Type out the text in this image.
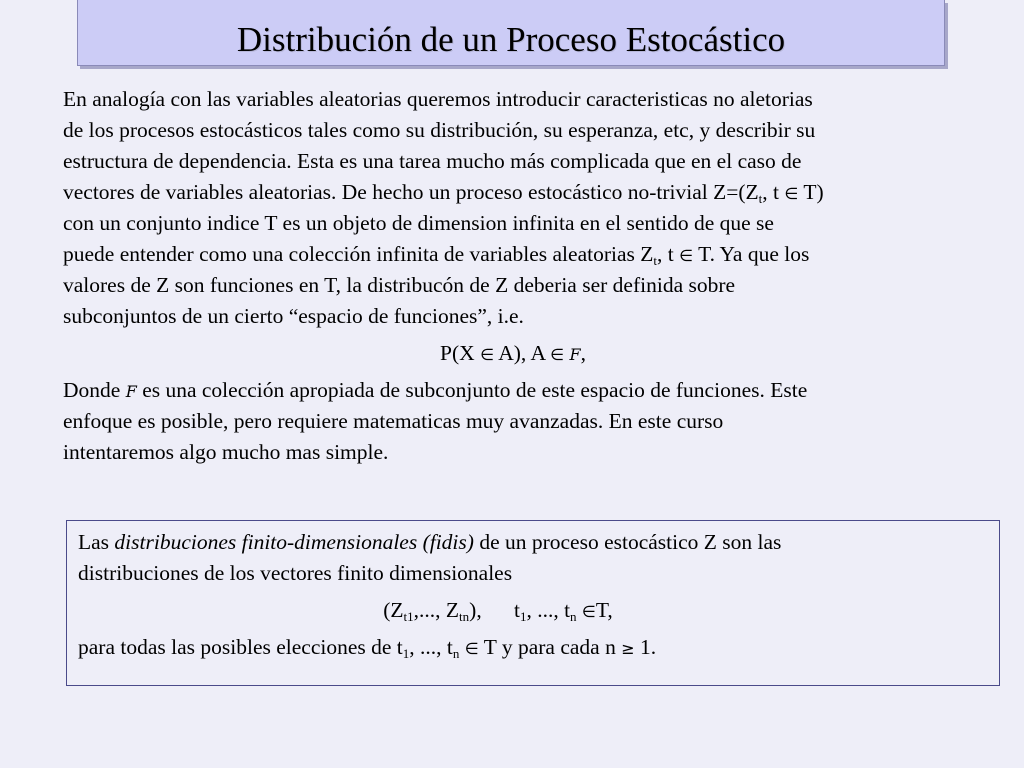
Distribución de un Proceso Estocástico
En analogía con las variables aleatorias queremos introducir caracteristicas no aletorias
de los procesos estocásticos tales como su distribución, su esperanza, etc, y describir su
estructura de dependencia. Esta es una tarea mucho más complicada que en el caso de
vectores de variables aleatorias. De hecho un proceso estocástico no-trivial $Z=(Z_t$, t ∈ T)
con un conjunto indice T es un objeto de dimension infinita en el sentido de que se
puede entender como una colección infinita de variables aleatorias $Z_t$, t ∈ T. Ya que los
valores de Z son funciones en T, la distribucón de Z deberia ser definida sobre
subconjuntos de un cierto “espacio de funciones”, i.e.
P(X ∈ A), A ∈ F,
Donde F es una colección apropiada de subconjunto de este espacio de funciones. Este
enfoque es posible, pero requiere matematicas muy avanzadas. En este curso
intentaremos algo mucho mas simple.
Las distribuciones finito-dimensionales (fidis) de un proceso estocástico Z son las
distribuciones de los vectores finito dimensionales
($Z_{t1}$,..., $Z_{tn}$), $t_1$, ..., $t_n$ ∈T,
para todas las posibles elecciones de $t_1$, ..., $t_n$ ∈ T y para cada n ≥ 1.
